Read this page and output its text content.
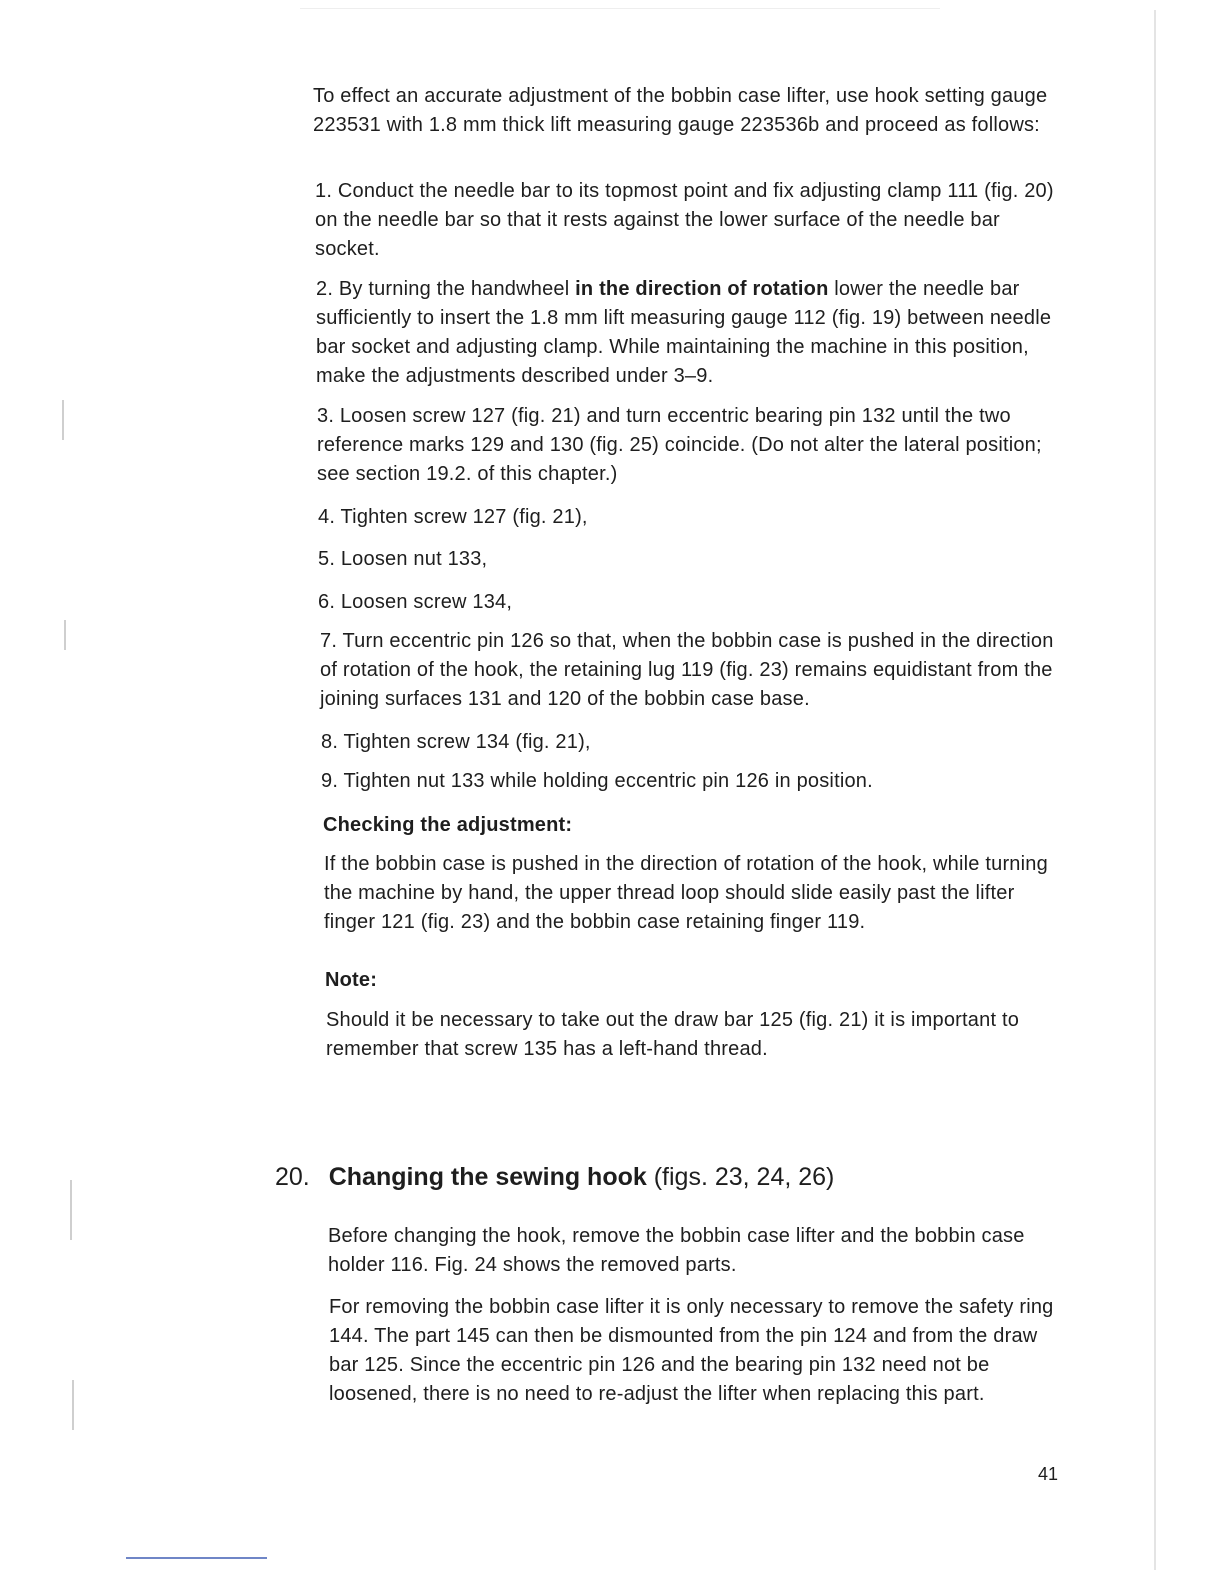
To effect an accurate adjustment of the bobbin case lifter, use hook setting gauge 223531 with 1.8 mm thick lift measuring gauge 223536b and proceed as follows:

1. Conduct the needle bar to its topmost point and fix adjusting clamp 111 (fig. 20) on the needle bar so that it rests against the lower surface of the needle bar socket.

2. By turning the handwheel in the direction of rotation lower the needle bar sufficiently to insert the 1.8 mm lift measuring gauge 112 (fig. 19) between needle bar socket and adjusting clamp. While maintaining the machine in this position, make the adjustments described under 3–9.

3. Loosen screw 127 (fig. 21) and turn eccentric bearing pin 132 until the two reference marks 129 and 130 (fig. 25) coincide. (Do not alter the lateral position; see section 19.2. of this chapter.)

4. Tighten screw 127 (fig. 21),

5. Loosen nut 133,

6. Loosen screw 134,

7. Turn eccentric pin 126 so that, when the bobbin case is pushed in the direction of rotation of the hook, the retaining lug 119 (fig. 23) remains equidistant from the joining surfaces 131 and 120 of the bobbin case base.

8. Tighten screw 134 (fig. 21),

9. Tighten nut 133 while holding eccentric pin 126 in position.

Checking the adjustment:

If the bobbin case is pushed in the direction of rotation of the hook, while turning the machine by hand, the upper thread loop should slide easily past the lifter finger 121 (fig. 23) and the bobbin case retaining finger 119.

Note:

Should it be necessary to take out the draw bar 125 (fig. 21) it is important to remember that screw 135 has a left-hand thread.

20. Changing the sewing hook (figs. 23, 24, 26)

Before changing the hook, remove the bobbin case lifter and the bobbin case holder 116. Fig. 24 shows the removed parts.

For removing the bobbin case lifter it is only necessary to remove the safety ring 144. The part 145 can then be dismounted from the pin 124 and from the draw bar 125. Since the eccentric pin 126 and the bearing pin 132 need not be loosened, there is no need to re-adjust the lifter when replacing this part.

41
